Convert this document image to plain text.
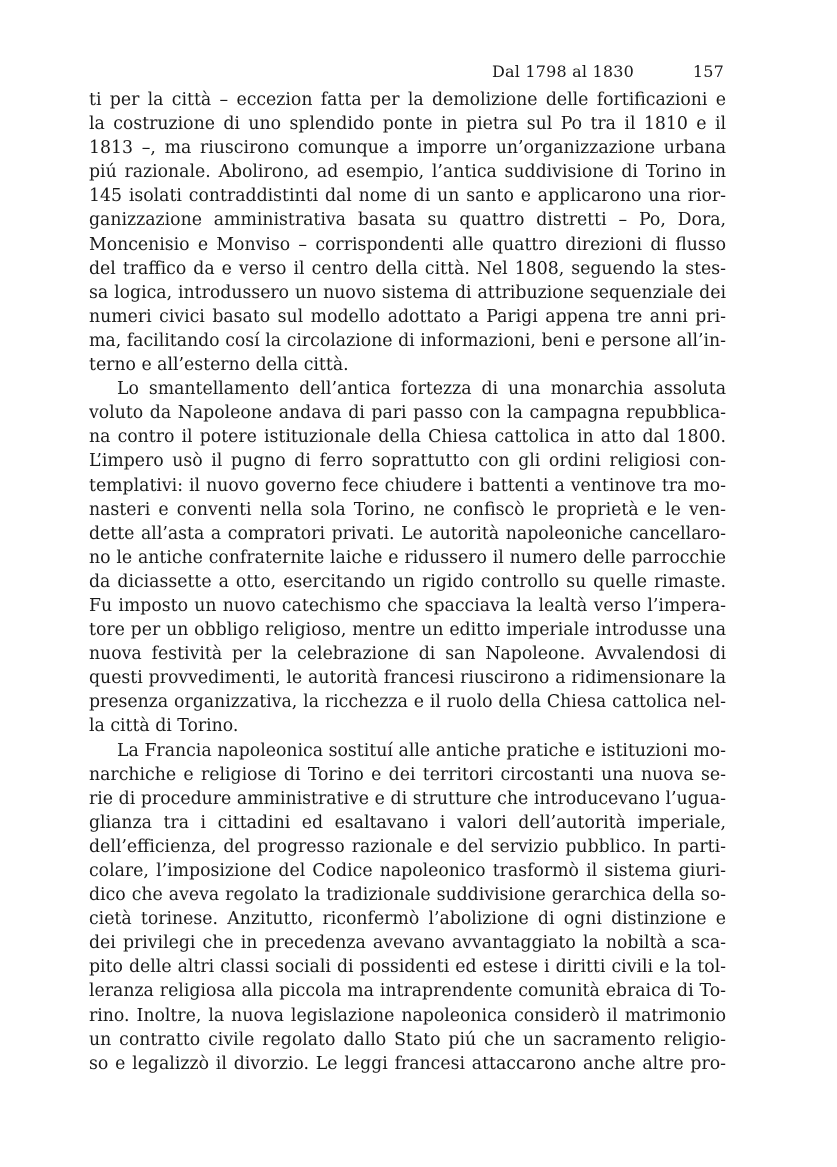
Dal 1798 al 1830	157
ti per la città – eccezion fatta per la demolizione delle fortificazioni e
la costruzione di uno splendido ponte in pietra sul Po tra il 1810 e il
1813 –, ma riuscirono comunque a imporre un’organizzazione urbana
piú razionale. Abolirono, ad esempio, l’antica suddivisione di Torino in
145 isolati contraddistinti dal nome di un santo e applicarono una rior-
ganizzazione amministrativa basata su quattro distretti – Po, Dora,
Moncenisio e Monviso – corrispondenti alle quattro direzioni di flusso
del traffico da e verso il centro della città. Nel 1808, seguendo la stes-
sa logica, introdussero un nuovo sistema di attribuzione sequenziale dei
numeri civici basato sul modello adottato a Parigi appena tre anni pri-
ma, facilitando cosí la circolazione di informazioni, beni e persone all’in-
terno e all’esterno della città.
Lo smantellamento dell’antica fortezza di una monarchia assoluta
voluto da Napoleone andava di pari passo con la campagna repubblica-
na contro il potere istituzionale della Chiesa cattolica in atto dal 1800.
L’impero usò il pugno di ferro soprattutto con gli ordini religiosi con-
templativi: il nuovo governo fece chiudere i battenti a ventinove tra mo-
nasteri e conventi nella sola Torino, ne confiscò le proprietà e le ven-
dette all’asta a compratori privati. Le autorità napoleoniche cancellaro-
no le antiche confraternite laiche e ridussero il numero delle parrocchie
da diciassette a otto, esercitando un rigido controllo su quelle rimaste.
Fu imposto un nuovo catechismo che spacciava la lealtà verso l’impera-
tore per un obbligo religioso, mentre un editto imperiale introdusse una
nuova festività per la celebrazione di san Napoleone. Avvalendosi di
questi provvedimenti, le autorità francesi riuscirono a ridimensionare la
presenza organizzativa, la ricchezza e il ruolo della Chiesa cattolica nel-
la città di Torino.
La Francia napoleonica sostituí alle antiche pratiche e istituzioni mo-
narchiche e religiose di Torino e dei territori circostanti una nuova se-
rie di procedure amministrative e di strutture che introducevano l’ugua-
glianza tra i cittadini ed esaltavano i valori dell’autorità imperiale,
dell’efficienza, del progresso razionale e del servizio pubblico. In parti-
colare, l’imposizione del Codice napoleonico trasformò il sistema giuri-
dico che aveva regolato la tradizionale suddivisione gerarchica della so-
cietà torinese. Anzitutto, riconfermò l’abolizione di ogni distinzione e
dei privilegi che in precedenza avevano avvantaggiato la nobiltà a sca-
pito delle altri classi sociali di possidenti ed estese i diritti civili e la tol-
leranza religiosa alla piccola ma intraprendente comunità ebraica di To-
rino. Inoltre, la nuova legislazione napoleonica considerò il matrimonio
un contratto civile regolato dallo Stato piú che un sacramento religio-
so e legalizzò il divorzio. Le leggi francesi attaccarono anche altre pro-
